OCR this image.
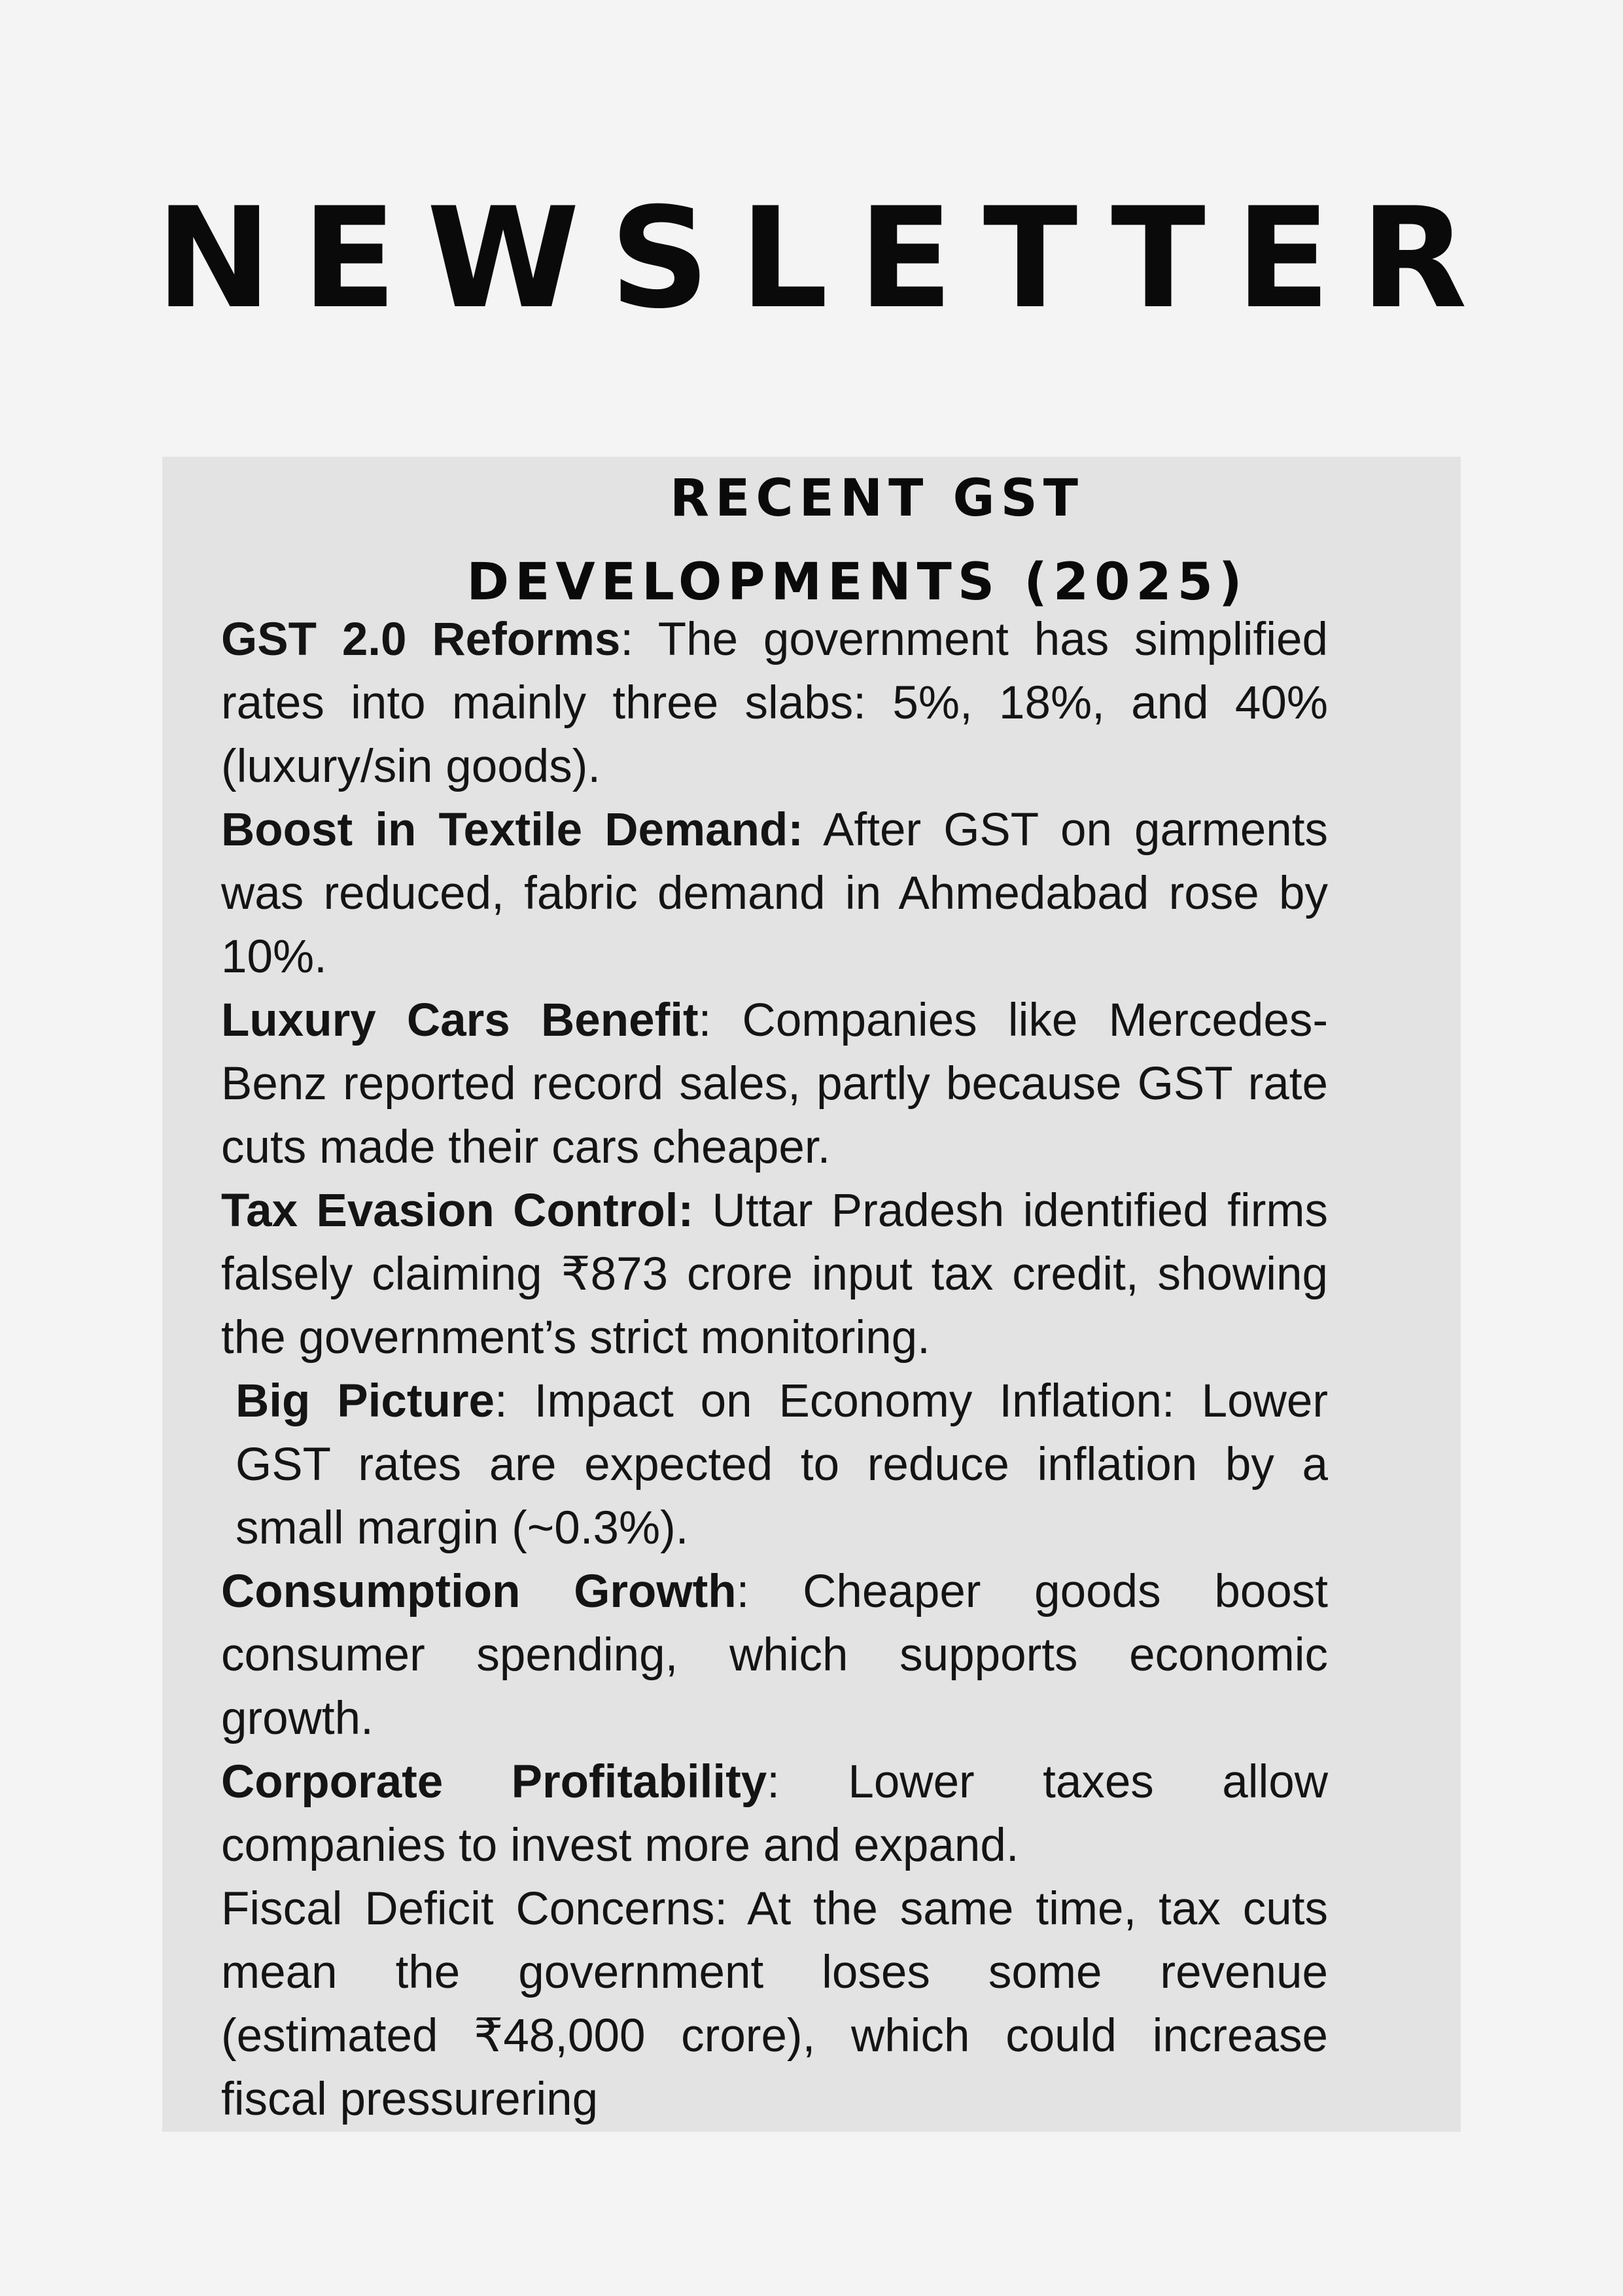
NEWSLETTER
RECENT GST
DEVELOPMENTS (2025)

GST 2.0 Reforms: The government has simplified rates into mainly three slabs: 5%, 18%, and 40% (luxury/sin goods).

Boost in Textile Demand: After GST on garments was reduced, fabric demand in Ahmedabad rose by 10%.

Luxury Cars Benefit: Companies like Mercedes-Benz reported record sales, partly because GST rate cuts made their cars cheaper.

Tax Evasion Control: Uttar Pradesh identified firms falsely claiming ₹873 crore input tax credit, showing the government’s strict monitoring.

Big Picture: Impact on Economy Inflation: Lower GST rates are expected to reduce inflation by a small margin (~0.3%).

Consumption Growth: Cheaper goods boost consumer spending, which supports economic growth.

Corporate Profitability: Lower taxes allow companies to invest more and expand.

Fiscal Deficit Concerns: At the same time, tax cuts mean the government loses some revenue (estimated ₹48,000 crore), which could increase fiscal pressurering
